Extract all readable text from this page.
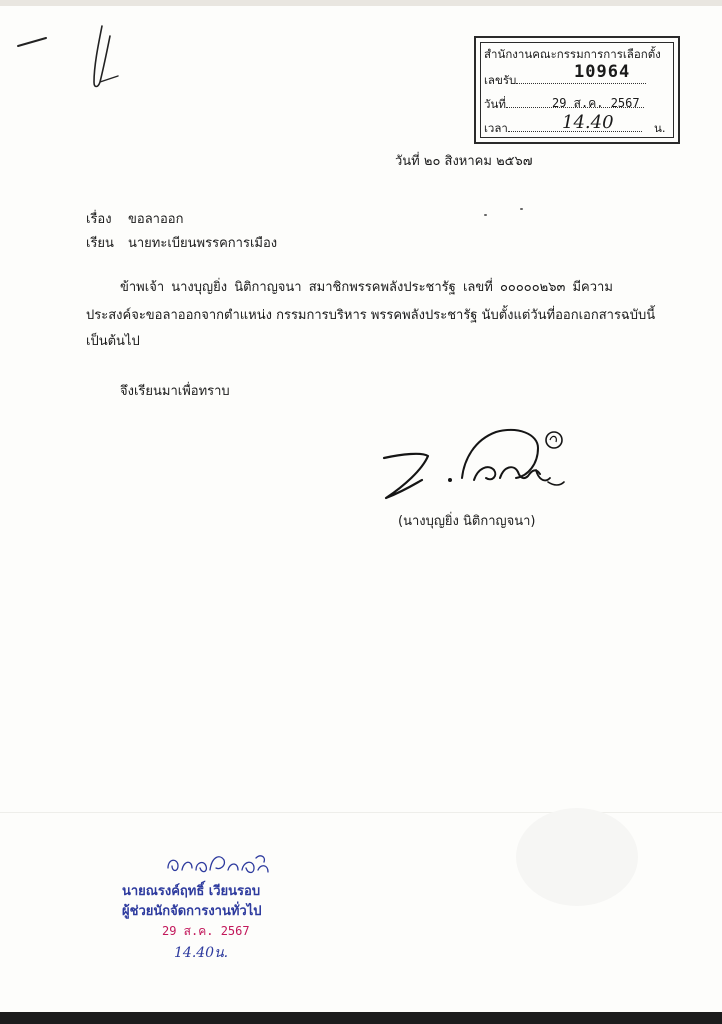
สำนักงานคณะกรรมการการเลือกตั้ง
เลขรับ
วันที่
เวลา
10964
29 ส.ค. 2567
14.40	น.
วันที่ ๒๐ สิงหาคม ๒๕๖๗
เรื่อง ขอลาออก
เรียน นายทะเบียนพรรคการเมือง
ข้าพเจ้า นางบุญยิ่ง นิติกาญจนา สมาชิกพรรคพลังประชารัฐ เลขที่ ๐๐๐๐๐๒๖๓ มีความ
ประสงค์จะขอลาออกจากตำแหน่ง กรรมการบริหาร พรรคพลังประชารัฐ นับตั้งแต่วันที่ออกเอกสารฉบับนี้
เป็นต้นไป
จึงเรียนมาเพื่อทราบ
(นางบุญยิ่ง นิติกาญจนา)
นายณรงค์ฤทธิ์ เวียนรอบ
ผู้ช่วยนักจัดการงานทั่วไป
29 ส.ค. 2567
14.40น.
